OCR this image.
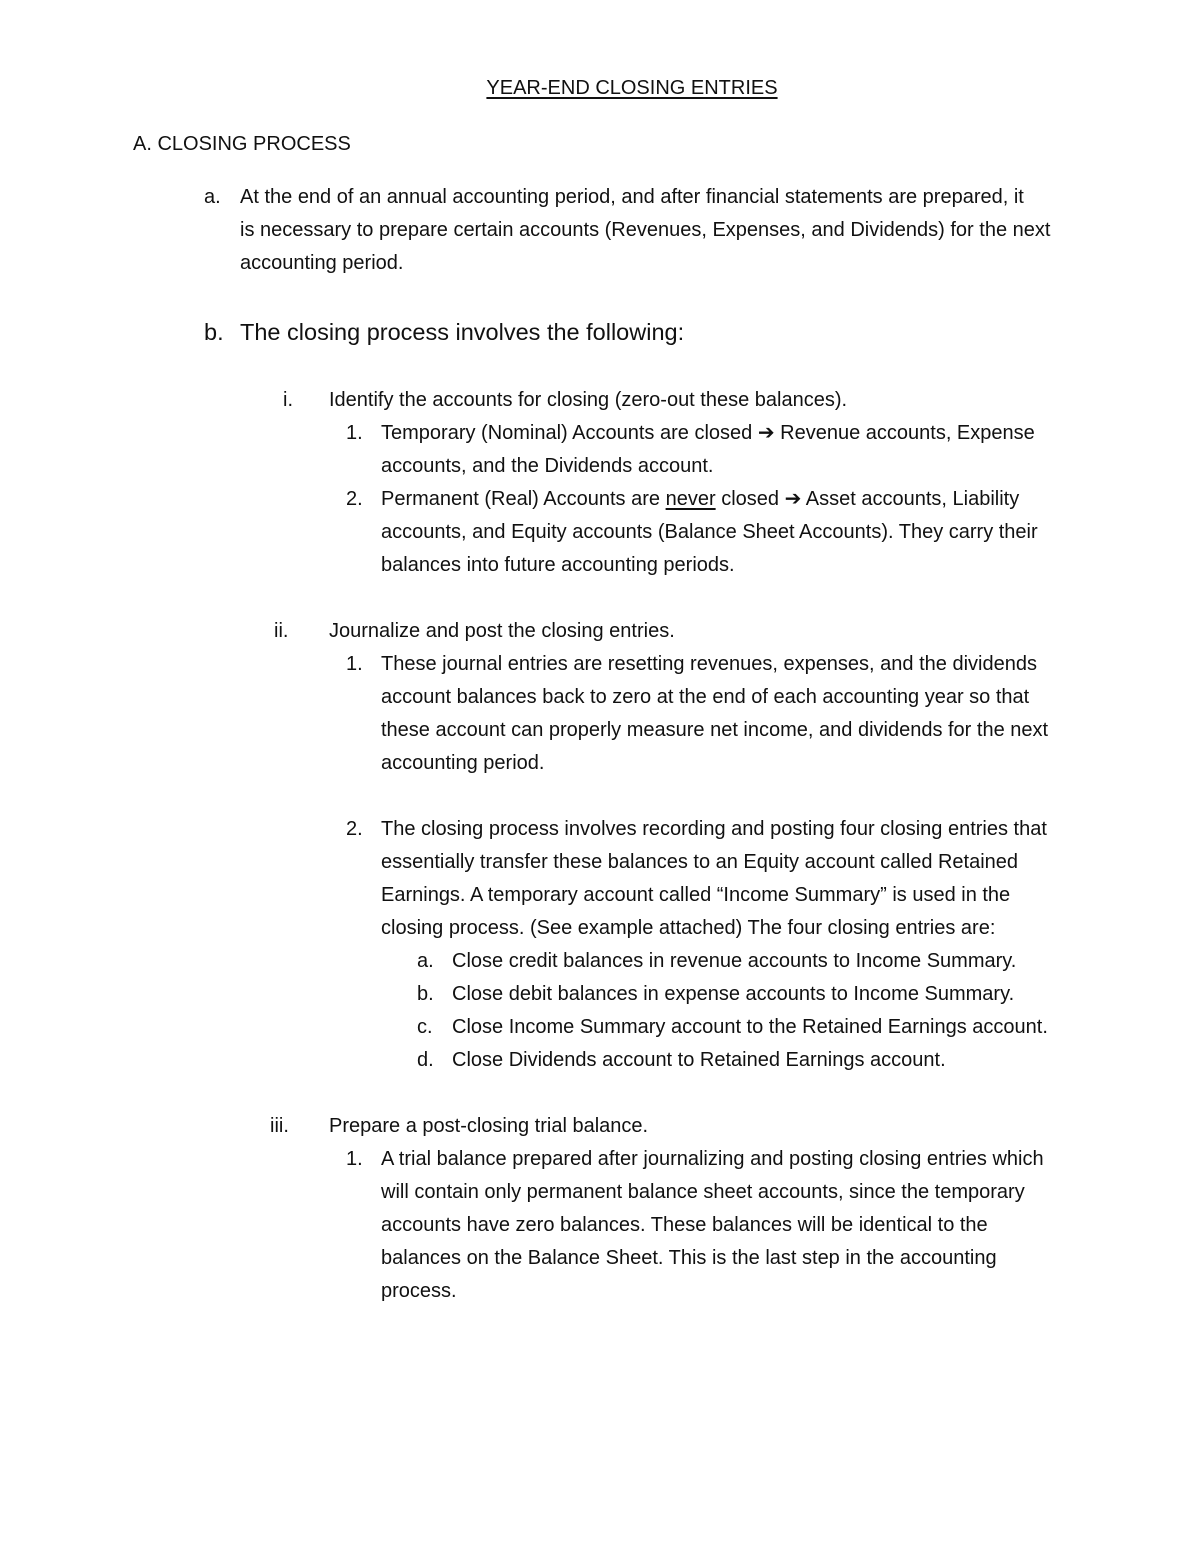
YEAR-END CLOSING ENTRIES
A. CLOSING PROCESS
a. At the end of an annual accounting period, and after financial statements are prepared, it
is necessary to prepare certain accounts (Revenues, Expenses, and Dividends) for the next
accounting period.
b. The closing process involves the following:
i. Identify the accounts for closing (zero-out these balances).
1. Temporary (Nominal) Accounts are closed ➔ Revenue accounts, Expense
accounts, and the Dividends account.
2. Permanent (Real) Accounts are never closed ➔ Asset accounts, Liability
accounts, and Equity accounts (Balance Sheet Accounts). They carry their
balances into future accounting periods.
ii. Journalize and post the closing entries.
1. These journal entries are resetting revenues, expenses, and the dividends
account balances back to zero at the end of each accounting year so that
these account can properly measure net income, and dividends for the next
accounting period.
2. The closing process involves recording and posting four closing entries that
essentially transfer these balances to an Equity account called Retained
Earnings. A temporary account called “Income Summary” is used in the
closing process. (See example attached) The four closing entries are:
a. Close credit balances in revenue accounts to Income Summary.
b. Close debit balances in expense accounts to Income Summary.
c. Close Income Summary account to the Retained Earnings account.
d. Close Dividends account to Retained Earnings account.
iii. Prepare a post-closing trial balance.
1. A trial balance prepared after journalizing and posting closing entries which
will contain only permanent balance sheet accounts, since the temporary
accounts have zero balances. These balances will be identical to the
balances on the Balance Sheet. This is the last step in the accounting
process.
